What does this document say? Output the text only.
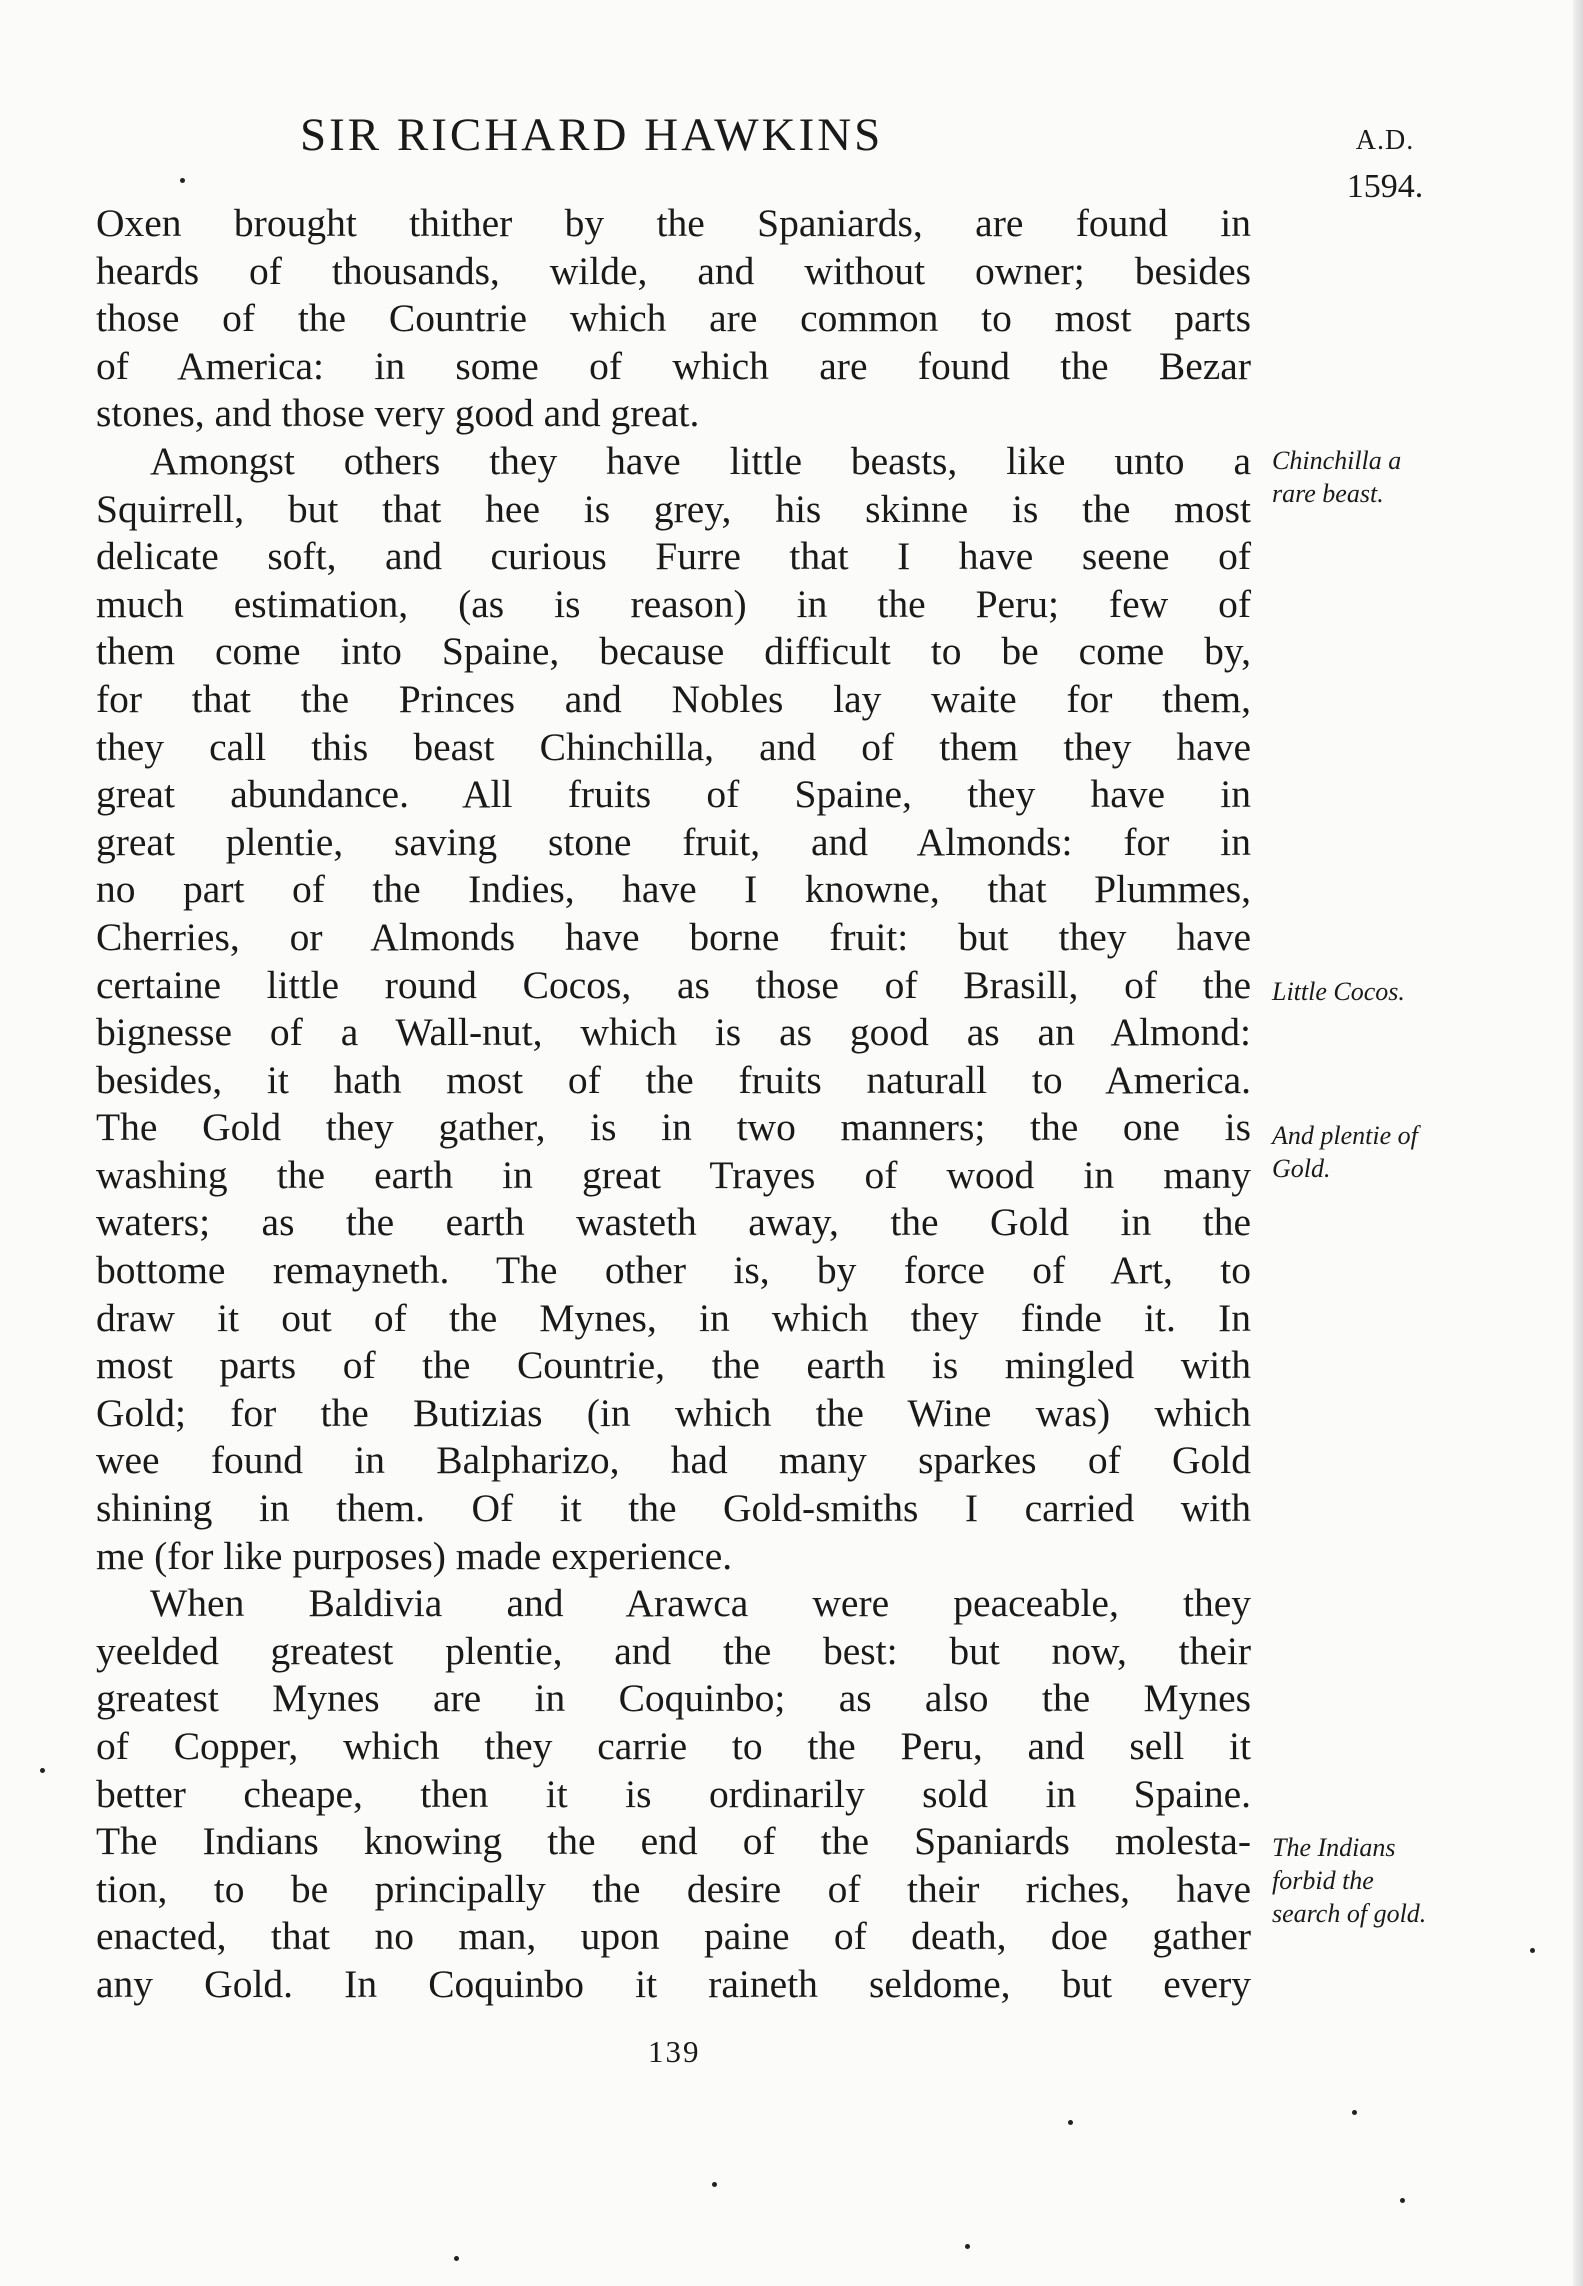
SIR RICHARD HAWKINS	A.D.
1594.
Oxen brought thither by the Spaniards, are found in
heards of thousands, wilde, and without owner; besides
those of the Countrie which are common to most parts
of America: in some of which are found the Bezar
stones, and those very good and great.
Amongst others they have little beasts, like unto a
Squirrell, but that hee is grey, his skinne is the most
delicate soft, and curious Furre that I have seene of
much estimation, (as is reason) in the Peru; few of
them come into Spaine, because difficult to be come by,
for that the Princes and Nobles lay waite for them,
they call this beast Chinchilla, and of them they have
great abundance. All fruits of Spaine, they have in
great plentie, saving stone fruit, and Almonds: for in
no part of the Indies, have I knowne, that Plummes,
Cherries, or Almonds have borne fruit: but they have
certaine little round Cocos, as those of Brasill, of the
bignesse of a Wall-nut, which is as good as an Almond:
besides, it hath most of the fruits naturall to America.
The Gold they gather, is in two manners; the one is
washing the earth in great Trayes of wood in many
waters; as the earth wasteth away, the Gold in the
bottome remayneth. The other is, by force of Art, to
draw it out of the Mynes, in which they finde it. In
most parts of the Countrie, the earth is mingled with
Gold; for the Butizias (in which the Wine was) which
wee found in Balpharizo, had many sparkes of Gold
shining in them. Of it the Gold-smiths I carried with
me (for like purposes) made experience.
When Baldivia and Arawca were peaceable, they
yeelded greatest plentie, and the best: but now, their
greatest Mynes are in Coquinbo; as also the Mynes
of Copper, which they carrie to the Peru, and sell it
better cheape, then it is ordinarily sold in Spaine.
The Indians knowing the end of the Spaniards molesta-
tion, to be principally the desire of their riches, have
enacted, that no man, upon paine of death, doe gather
any Gold. In Coquinbo it raineth seldome, but every
Chinchilla a
rare beast.
Little Cocos.
And plentie of
Gold.
The Indians
forbid the
search of gold.
139
